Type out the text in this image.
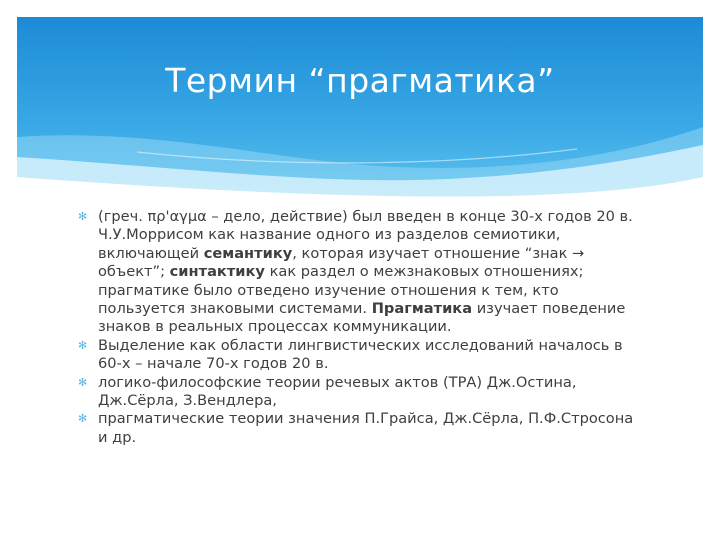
Термин “прагматика”
✻ (греч. πρ'αγμα – дело, действие) был введен в конце 30-х годов 20 в. Ч.У.Моррисом как название одного из разделов семиотики, включающей семантику, которая изучает отношение “знак → объект”; синтактику как раздел о межзнаковых отношениях; прагматике было отведено изучение отношения к тем, кто пользуется знаковыми системами. Прагматика изучает поведение знаков в реальных процессах коммуникации.
✻ Выделение как области лингвистических исследований началось в 60-х – начале 70-х годов 20 в.
✻ логико-философские теории речевых актов (ТРА) Дж.Остина, Дж.Сёрла, З.Вендлера,
✻ прагматические теории значения П.Грайса, Дж.Сёрла, П.Ф.Стросона и др.
